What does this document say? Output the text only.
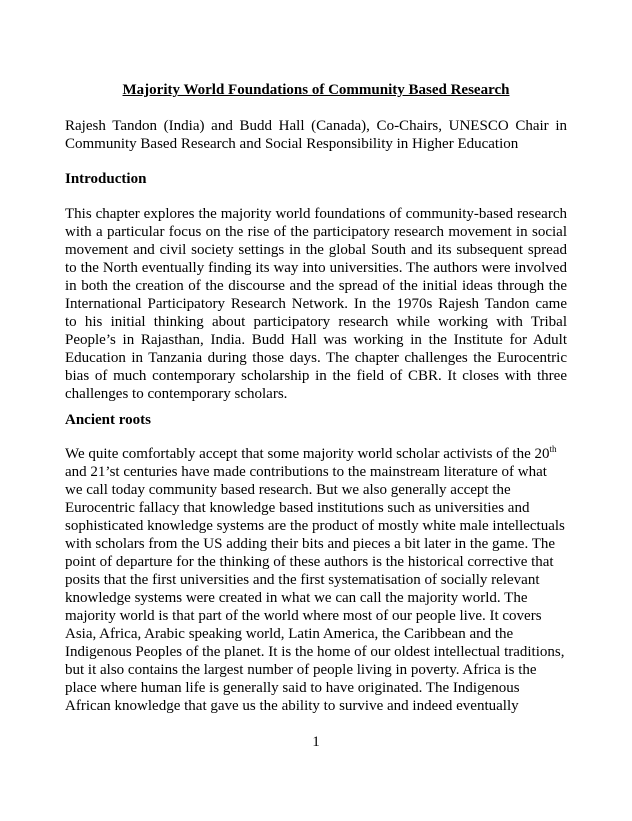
Majority World Foundations of Community Based Research

Rajesh Tandon (India) and Budd Hall (Canada), Co-Chairs, UNESCO Chair in Community Based Research and Social Responsibility in Higher Education

Introduction
This chapter explores the majority world foundations of community-based research
with a particular focus on the rise of the participatory research movement in social
movement and civil society settings in the global South and its subsequent spread
to the North eventually finding its way into universities. The authors were involved
in both the creation of the discourse and the spread of the initial ideas through the
International Participatory Research Network. In the 1970s Rajesh Tandon came
to his initial thinking about participatory research while working with Tribal
People’s in Rajasthan, India. Budd Hall was working in the Institute for Adult
Education in Tanzania during those days. The chapter challenges the Eurocentric
bias of much contemporary scholarship in the field of CBR. It closes with three
challenges to contemporary scholars.
Ancient roots
We quite comfortably accept that some majority world scholar activists of the 20th
and 21’st centuries have made contributions to the mainstream literature of what
we call today community based research. But we also generally accept the
Eurocentric fallacy that knowledge based institutions such as universities and
sophisticated knowledge systems are the product of mostly white male intellectuals
with scholars from the US adding their bits and pieces a bit later in the game. The
point of departure for the thinking of these authors is the historical corrective that
posits that the first universities and the first systematisation of socially relevant
knowledge systems were created in what we can call the majority world. The
majority world is that part of the world where most of our people live. It covers
Asia, Africa, Arabic speaking world, Latin America, the Caribbean and the
Indigenous Peoples of the planet. It is the home of our oldest intellectual traditions,
but it also contains the largest number of people living in poverty. Africa is the
place where human life is generally said to have originated. The Indigenous
African knowledge that gave us the ability to survive and indeed eventually

1
